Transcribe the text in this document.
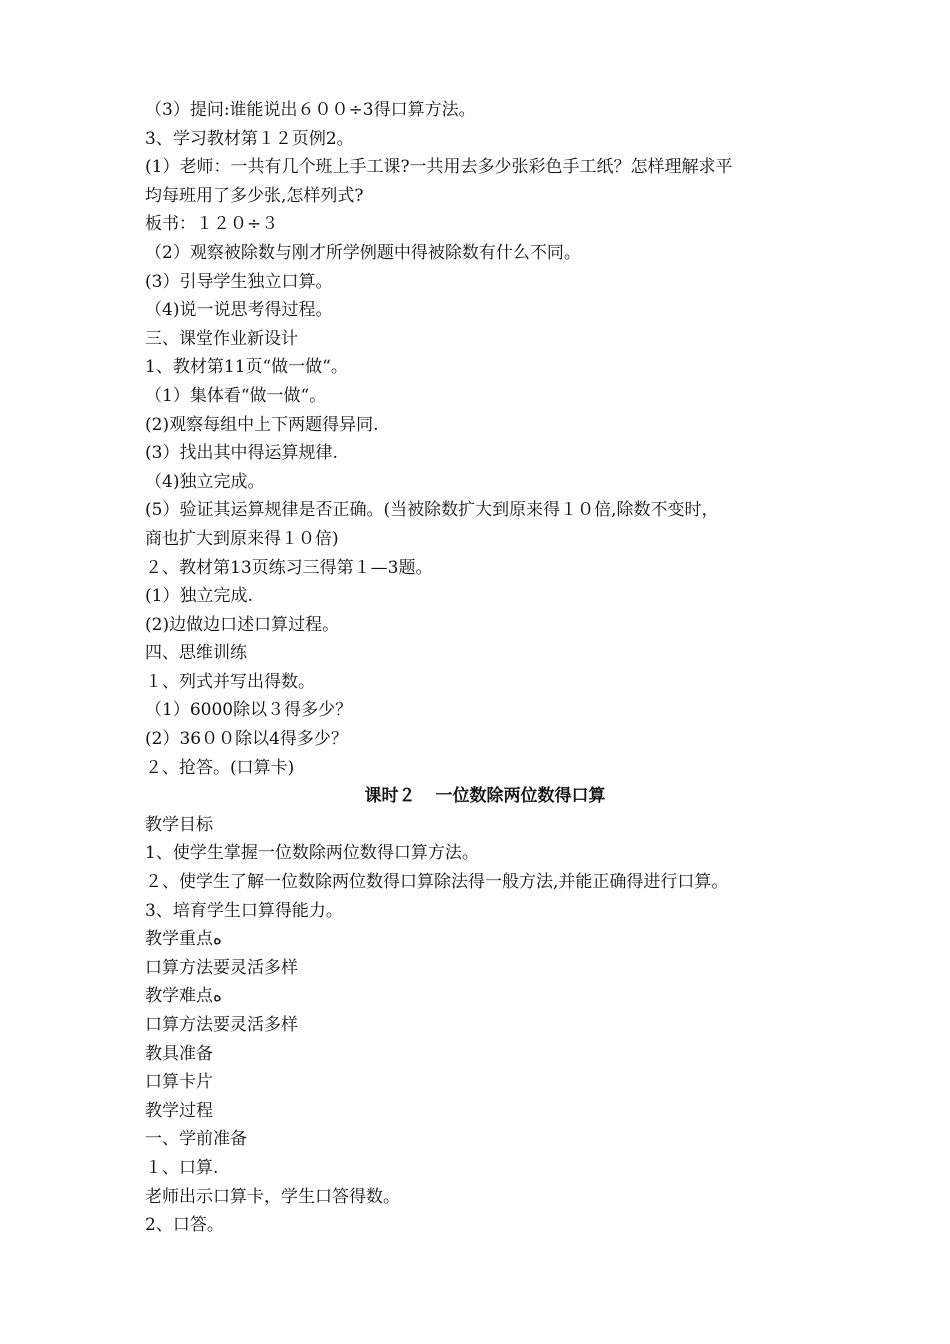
（3）提问:谁能说出６００÷3得口算方法。
3、学习教材第１２页例2。
(1）老师：一共有几个班上手工课?一共用去多少张彩色手工纸？怎样理解求平
均每班用了多少张,怎样列式?
板书：１２０÷３
（2）观察被除数与刚才所学例题中得被除数有什么不同。
(3）引导学生独立口算。
（4)说一说思考得过程。
三、课堂作业新设计
1、教材第11页“做一做“。
（1）集体看“做一做“。
(2)观察每组中上下两题得异同.
(3）找出其中得运算规律.
（4)独立完成。
(5）验证其运算规律是否正确。(当被除数扩大到原来得１０倍,除数不变时，
商也扩大到原来得１０倍)
２、教材第13页练习三得第１—3题。
(1）独立完成.
(2)边做边口述口算过程。
四、思维训练
１、列式并写出得数。
（1）6000除以３得多少？
(2）36００除以4得多少？
２、抢答。(口算卡)
课时２ 一位数除两位数得口算
教学目标
1、使学生掌握一位数除两位数得口算方法。
２、使学生了解一位数除两位数得口算除法得一般方法,并能正确得进行口算。
3、培育学生口算得能力。
教学重点ﻩ
口算方法要灵活多样
教学难点ﻩ
口算方法要灵活多样
教具准备
口算卡片
教学过程
一、学前准备
１、口算.
老师出示口算卡，学生口答得数。
2、口答。
